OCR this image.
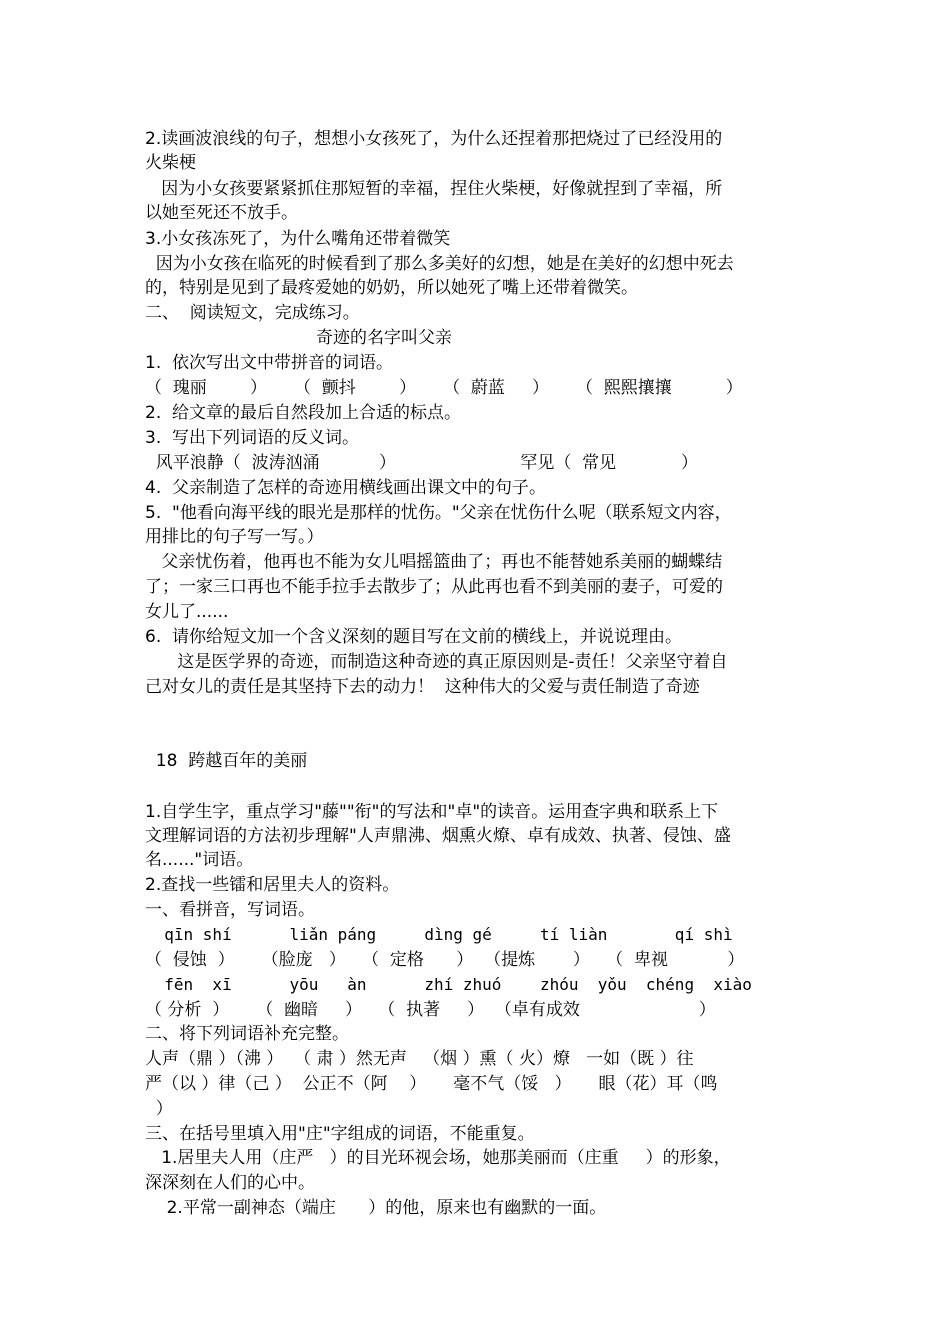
2.读画波浪线的句子，想想小女孩死了，为什么还捏着那把烧过了已经没用的
火柴梗
因为小女孩要紧紧抓住那短暂的幸福，捏住火柴梗，好像就捏到了幸福，所
以她至死还不放手。
3.小女孩冻死了，为什么嘴角还带着微笑
因为小女孩在临死的时候看到了那么多美好的幻想，她是在美好的幻想中死去
的，特别是见到了最疼爱她的奶奶，所以她死了嘴上还带着微笑。
二、  阅读短文，完成练习。
奇迹的名字叫父亲
1.  依次写出文中带拼音的词语。
（  瑰丽        ）     （  颤抖        ）     （  蔚蓝     ）     （  熙熙攘攘          ）
2.  给文章的最后自然段加上合适的标点。
3.  写出下列词语的反义词。
风平浪静（  波涛汹涌           ）                       罕见（  常见            ）
4.  父亲制造了怎样的奇迹用横线画出课文中的句子。
5.  "他看向海平线的眼光是那样的忧伤。"父亲在忧伤什么呢（联系短文内容，
用排比的句子写一写。）
父亲忧伤着，他再也不能为女儿唱摇篮曲了；再也不能替她系美丽的蝴蝶结
了；一家三口再也不能手拉手去散步了；从此再也看不到美丽的妻子，可爱的
女儿了......
6.  请你给短文加一个含义深刻的题目写在文前的横线上，并说说理由。
这是医学界的奇迹，而制造这种奇迹的真正原因则是-责任！父亲坚守着自
己对女儿的责任是其坚持下去的动力！  这种伟大的父爱与责任制造了奇迹
18  跨越百年的美丽
1.自学生字，重点学习"藤""衔"的写法和"卓"的读音。运用查字典和联系上下
文理解词语的方法初步理解"人声鼎沸、烟熏火燎、卓有成效、执著、侵蚀、盛
名......"词语。
2.查找一些镭和居里夫人的资料。
一、看拼音，写词语。
qīn shí      liǎn páng     dìng gé     tí liàn       qí shì
（  侵蚀  ）     （脸庞   ）   （  定格      ）  （提炼       ）   （  卑视           ）
fēn  xī      yōu   àn      zhí zhuó    zhóu  yǒu  chéng  xiào
（ 分析  ）     （  幽暗     ）   （  执著     ）  （卓有成效                      ）
二、将下列词语补充完整。
人声（鼎 ）（沸 ）  （ 肃 ）然无声   （烟 ）熏（ 火）燎   一如（既 ）往
严（以 ）律（己 ）  公正不（阿    ）     毫不气（馁   ）     眼（花）耳（鸣
）
三、在括号里填入用"庄"字组成的词语，不能重复。
1.居里夫人用（庄严   ）的目光环视会场，她那美丽而（庄重     ）的形象，
深深刻在人们的心中。
2.平常一副神态（端庄      ）的他，原来也有幽默的一面。
